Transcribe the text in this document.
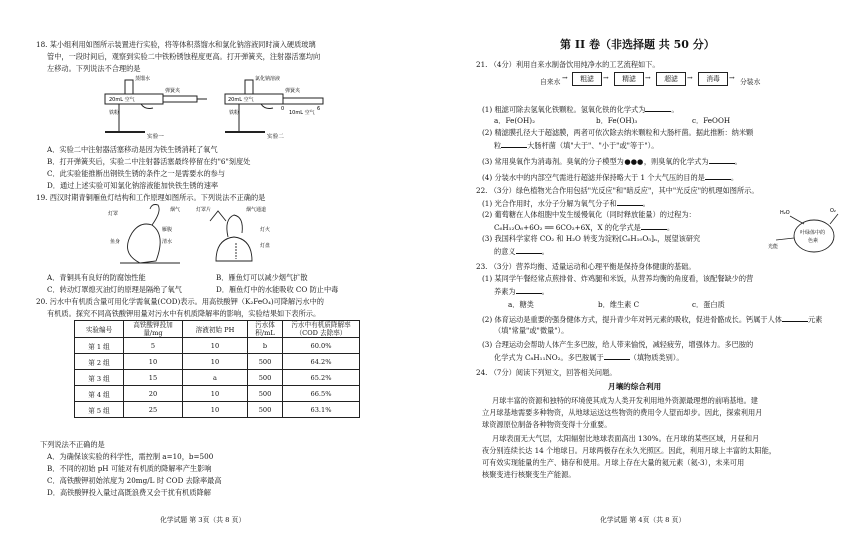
18. 某小组利用如图所示装置进行实验，将等体积蒸馏水和氯化钠溶液同时滴入硬质玻璃
管中，一段时间后，观察到实验二中铁粉锈蚀程度更高。打开弹簧夹，注射器活塞均向
左移动。下列说法不合理的是
蒸馏水	氯化钠溶液
20mL 空气	20mL 空气
10mL 空气
铁粉	铁粉
弹簧夹	弹簧夹
0	6
实验一	实验二
A．实验二中注射器活塞移动是因为铁生锈消耗了氧气
B．打开弹簧夹后，实验二中注射器活塞最终停留在约"6"刻度处
C．此实验能推断出钢铁生锈的条件之一是需要水的参与
D．通过上述实验可知氯化钠溶液能加快铁生锈的速率
19. 西汉时期青铜雁鱼灯结构和工作原理如图所示。下列说法不正确的是
灯罩
烟气
雁腹
清水
鱼身
灯罩片	烟气通道
灯火
灯盘
A．青铜具有良好的防腐蚀性能	B．雁鱼灯可以减少烟气扩散
C．转动灯罩熄灭油灯的原理是隔绝了氧气	D．雁鱼灯中的水能吸收 CO 防止中毒
20. 污水中有机质含量可用化学需氧量(COD)表示。用高铁酸钾（K₂FeO₄)可降解污水中的
有机质。探究不同高铁酸钾用量对污水中有机质降解率的影响，实验结果如下表所示。
实验编号	高铁酸钾投加量/mg	溶液初始 PH	污水体积/mL	污水中有机质降解率（COD 去除率）
第 1 组	5	10	b	60.0%
第 2 组	10	10	500	64.2%
第 3 组	15	a	500	65.2%
第 4 组	20	10	500	66.5%
第 5 组	25	10	500	63.1%
下列说法不正确的是
A．为确保该实验的科学性，需控制 a=10，b=500
B．不同的初始 pH 可能对有机质的降解率产生影响
C．高铁酸钾初始浓度为 20mg/L 时 COD 去除率最高
D．高铁酸钾投入量过高既浪费又会干扰有机质降解
化学试题 第 3页（共 8 页）
第 II 卷（非选择题 共 50 分）
21. （4分）利用自来水制备饮用纯净水的工艺流程如下。
自来水 →	粗滤	→	精滤	→	超滤	→	消毒	→ 分装水
(1) 粗滤可除去氢氧化铁颗粒。氢氧化铁的化学式为	。
a．Fe(OH)₂	b．Fe(OH)₃	c．FeOOH
(2) 精滤膜孔径大于超滤膜，两者可依次除去纳米颗粒和大肠杆菌。据此推断：纳米颗
粒	大肠杆菌（填"大于"、"小于"或"等于"）。
(3) 常用臭氧作为消毒剂。臭氧的分子模型为●●●，则臭氧的化学式为	。
(4) 分装水中的内部空气需进行超滤并保持略大于 1 个大气压的目的是	。
22. （3分）绿色植物光合作用包括"光反应"和"暗反应"，其中"光反应"的机理如图所示。
(1) 光合作用时，水分子分解为氧气分子和	。
(2) 葡萄糖在人体组胞中发生缓慢氧化（同时释放能量）的过程为：
C₆H₁₂O₆+6O₂ ══ 6CO₂+6X，X 的化学式是	。
(3) 我国科学家将 CO₂ 和 H₂O 转变为淀粉[C₆H₁₀O₅]ₙ，展望该研究
的意义	。
H₂O	O₂
光能
叶绿体中的
色素
23. （3分）营养均衡、适量运动和心理平衡是保持身体健康的基础。
(1) 某同学午餐经常点煎排骨、炸鸡腿和米饭，从营养均衡的角度看，该配餐缺少的营
养素为	。
a．糖类	b．维生素 C	c．蛋白质
(2) 体育运动是重要的强身健体方式，提升青少年对钙元素的吸收，促进骨骼成长。钙属于人体	元素
（填"常量"或"微量"）。
(3) 合理运动会帮助人体产生多巴胺，给人带来愉悦，减轻疲劳，增强体力。多巴胺的
化学式为 C₈H₁₁NO₂。多巴胺属于	（填物质类别）。
24. （7分）阅读下列短文，回答相关问题。
月壤的综合利用
月球丰富的资源和独特的环境使其成为人类开发利用地外资源最理想的前哨基地。建
立月球基地需要多种物资，从地球运送这些物资的费用令人望而却步。因此，探索利用月
球资源原位制备各种物资变得十分重要。
月球表面无大气层，太阳辐射比地球表面高出 130%。在月球的某些区域，月昼和月
夜分别连续长达 14 个地球日。月球两极存在永久光照区。因此，利用月球上丰富的太阳能，
可有效实现能量的生产、储存和使用。月球上存在大量的氦元素（氦-3），未来可用
核聚变进行核聚变生产能源。
化学试题 第 4页（共 8 页）
